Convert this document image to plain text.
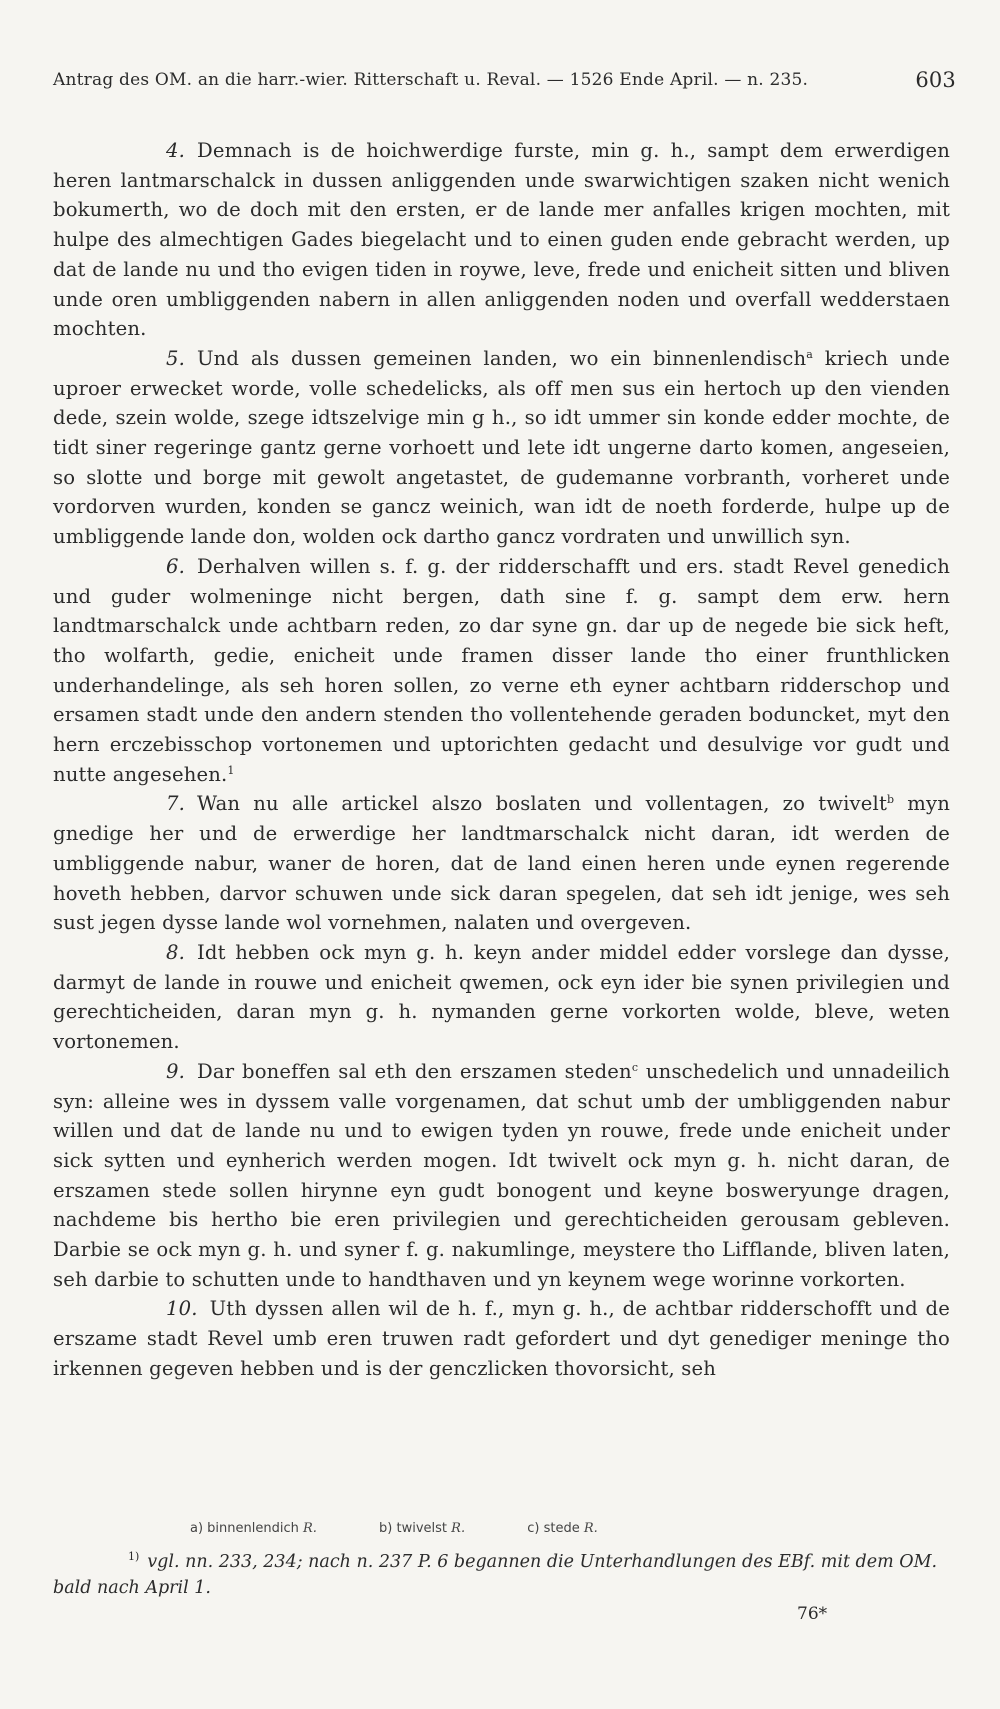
Antrag des OM. an die harr.-wier. Ritterschaft u. Reval. — 1526 Ende April. — n. 235.	603

4. Demnach is de hoichwerdige furste, min g. h., sampt dem erwerdigen heren lantmarschalck in dussen anliggenden unde swarwichtigen szaken nicht wenich bokumerth, wo de doch mit den ersten, er de lande mer anfalles krigen mochten, mit hulpe des almechtigen Gades biegelacht und to einen guden ende gebracht werden, up dat de lande nu und tho evigen tiden in roywe, leve, frede und enicheit sitten und bliven unde oren umbliggenden nabern in allen anliggenden noden und overfall wedderstaen mochten.

5. Und als dussen gemeinen landen, wo ein binnenlendisch$^a$ kriech unde uproer erwecket worde, volle schedelicks, als off men sus ein hertoch up den vienden dede, szein wolde, szege idtszelvige min g h., so idt ummer sin konde edder mochte, de tidt siner regeringe gantz gerne vorhoett und lete idt ungerne darto komen, angeseien, so slotte und borge mit gewolt angetastet, de gudemanne vorbranth, vorheret unde vordorven wurden, konden se gancz weinich, wan idt de noeth forderde, hulpe up de umbliggende lande don, wolden ock dartho gancz vordraten und unwillich syn.

6. Derhalven willen s. f. g. der ridderschafft und ers. stadt Revel genedich und guder wolmeninge nicht bergen, dath sine f. g. sampt dem erw. hern landtmarschalck unde achtbarn reden, zo dar syne gn. dar up de negede bie sick heft, tho wolfarth, gedie, enicheit unde framen disser lande tho einer frunthlicken underhandelinge, als seh horen sollen, zo verne eth eyner achtbarn ridderschop und ersamen stadt unde den andern stenden tho vollentehende geraden boduncket, myt den hern erczebisschop vortonemen und uptorichten gedacht und desulvige vor gudt und nutte angesehen.$^1$

7. Wan nu alle artickel alszo boslaten und vollentagen, zo twivelt$^b$ myn gnedige her und de erwerdige her landtmarschalck nicht daran, idt werden de umbliggende nabur, waner de horen, dat de land einen heren unde eynen regerende hoveth hebben, darvor schuwen unde sick daran spegelen, dat seh idt jenige, wes seh sust jegen dysse lande wol vornehmen, nalaten und overgeven.

8. Idt hebben ock myn g. h. keyn ander middel edder vorslege dan dysse, darmyt de lande in rouwe und enicheit qwemen, ock eyn ider bie synen privilegien und gerechticheiden, daran myn g. h. nymanden gerne vorkorten wolde, bleve, weten vortonemen.

9. Dar boneffen sal eth den erszamen steden$^c$ unschedelich und unnadeilich syn: alleine wes in dyssem valle vorgenamen, dat schut umb der umbliggenden nabur willen und dat de lande nu und to ewigen tyden yn rouwe, frede unde enicheit under sick sytten und eynherich werden mogen. Idt twivelt ock myn g. h. nicht daran, de erszamen stede sollen hirynne eyn gudt bonogent und keyne bosweryunge dragen, nachdeme bis hertho bie eren privilegien und gerechticheiden gerousam gebleven. Darbie se ock myn g. h. und syner f. g. nakumlinge, meystere tho Lifflande, bliven laten, seh darbie to schutten unde to handthaven und yn keynem wege worinne vorkorten.

10. Uth dyssen allen wil de h. f., myn g. h., de achtbar ridderschofft und de erszame stadt Revel umb eren truwen radt gefordert und dyt genediger meninge tho irkennen gegeven hebben und is der genczlicken thovorsicht, seh

a) binnenlendich R.	b) twivelst R.	c) stede R.
$^{1)}$ vgl. nn. 233, 234; nach n. 237 P. 6 begannen die Unterhandlungen des EBf. mit dem OM. bald nach April 1.
76*
